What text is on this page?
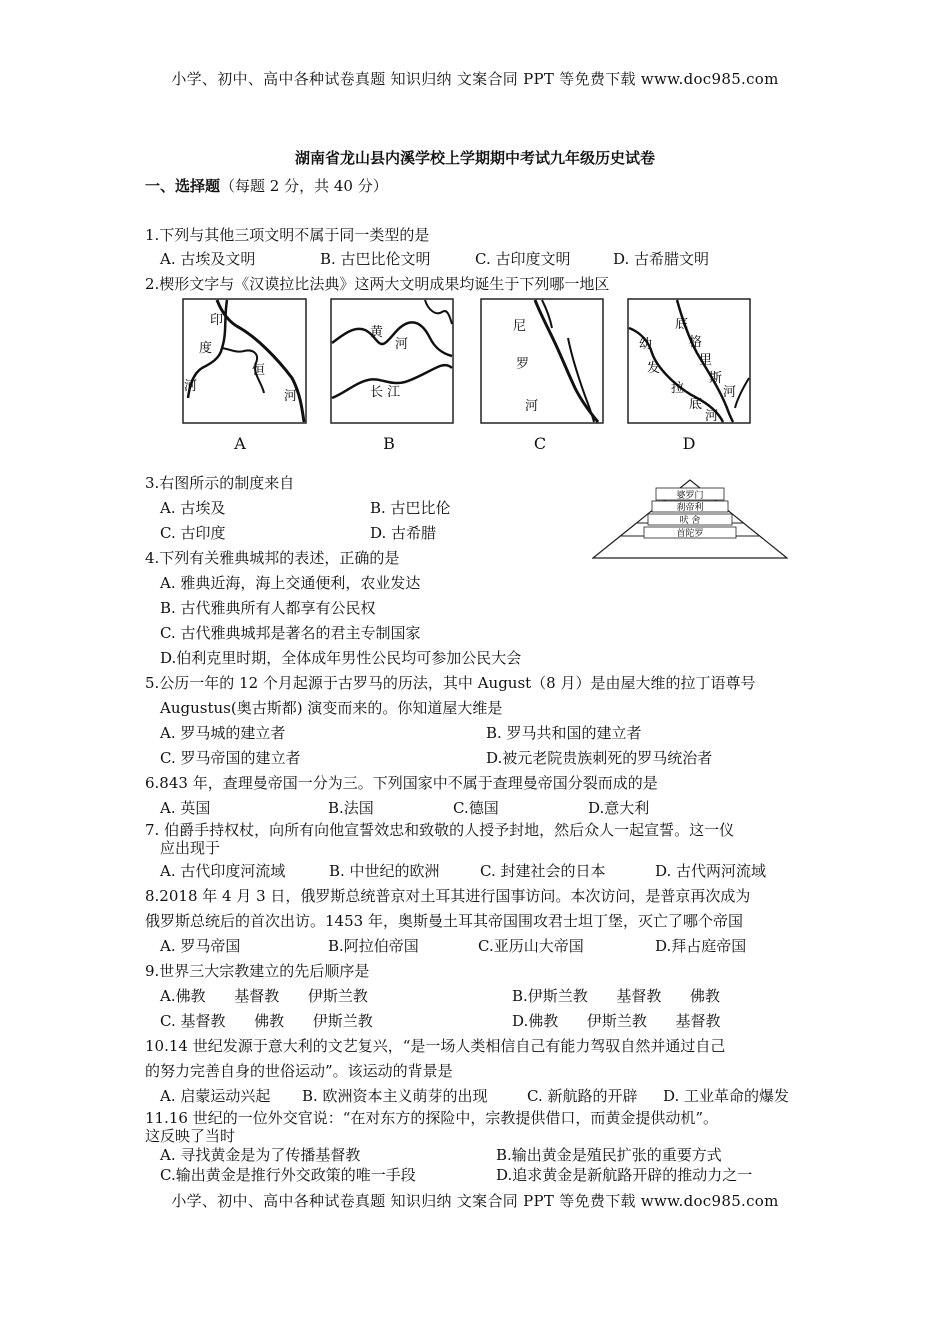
小学、初中、高中各种试卷真题 知识归纳 文案合同 PPT 等免费下载 www.doc985.com
湖南省龙山县内溪学校上学期期中考试九年级历史试卷
一、选择题（每题 2 分，共 40 分）
1.下列与其他三项文明不属于同一类型的是
A. 古埃及文明	B. 古巴比伦文明	C. 古印度文明	D. 古希腊文明
2.楔形文字与《汉谟拉比法典》这两大文明成果均诞生于下列哪一地区
印
度
河
恒
河
A
黄
河
长 江
B
尼
罗
河
C
底
格
里
斯
河
幼
发
拉
底
河
D
3.右图所示的制度来自
A. 古埃及	B. 古巴比伦
C. 古印度	D. 古希腊
婆罗门
刹帝利
吠 舍
首陀罗
4.下列有关雅典城邦的表述，正确的是
A. 雅典近海，海上交通便利，农业发达
B. 古代雅典所有人都享有公民权
C. 古代雅典城邦是著名的君主专制国家
D.伯利克里时期，全体成年男性公民均可参加公民大会
5.公历一年的 12 个月起源于古罗马的历法，其中 August（8 月）是由屋大维的拉丁语尊号
Augustus(奥古斯都) 演变而来的。你知道屋大维是
A. 罗马城的建立者	B. 罗马共和国的建立者
C. 罗马帝国的建立者	D.被元老院贵族刺死的罗马统治者
6.843 年，查理曼帝国一分为三。下列国家中不属于查理曼帝国分裂而成的是
A. 英国	B.法国	C.德国	D.意大利
7. 伯爵手持权杖，向所有向他宣誓效忠和致敬的人授予封地，然后众人一起宣誓。这一仪
应出现于
A. 古代印度河流域	B. 中世纪的欧洲	C. 封建社会的日本	D. 古代两河流域
8.2018 年 4 月 3 日，俄罗斯总统普京对土耳其进行国事访问。本次访问，是普京再次成为
俄罗斯总统后的首次出访。1453 年，奥斯曼土耳其帝国围攻君士坦丁堡，灭亡了哪个帝国
A. 罗马帝国	B.阿拉伯帝国	C.亚历山大帝国	D.拜占庭帝国
9.世界三大宗教建立的先后顺序是
A.佛教      基督教      伊斯兰教	B.伊斯兰教      基督教      佛教
C. 基督教      佛教      伊斯兰教	D.佛教      伊斯兰教      基督教
10.14 世纪发源于意大利的文艺复兴，“是一场人类相信自己有能力驾驭自然并通过自己
的努力完善自身的世俗运动”。该运动的背景是
A. 启蒙运动兴起 B. 欧洲资本主义萌芽的出现	C. 新航路的开辟 D. 工业革命的爆发
11.16 世纪的一位外交官说：“在对东方的探险中，宗教提供借口，而黄金提供动机”。
这反映了当时
A. 寻找黄金是为了传播基督教	B.输出黄金是殖民扩张的重要方式
C.输出黄金是推行外交政策的唯一手段	D.追求黄金是新航路开辟的推动力之一
小学、初中、高中各种试卷真题 知识归纳 文案合同 PPT 等免费下载 www.doc985.com
